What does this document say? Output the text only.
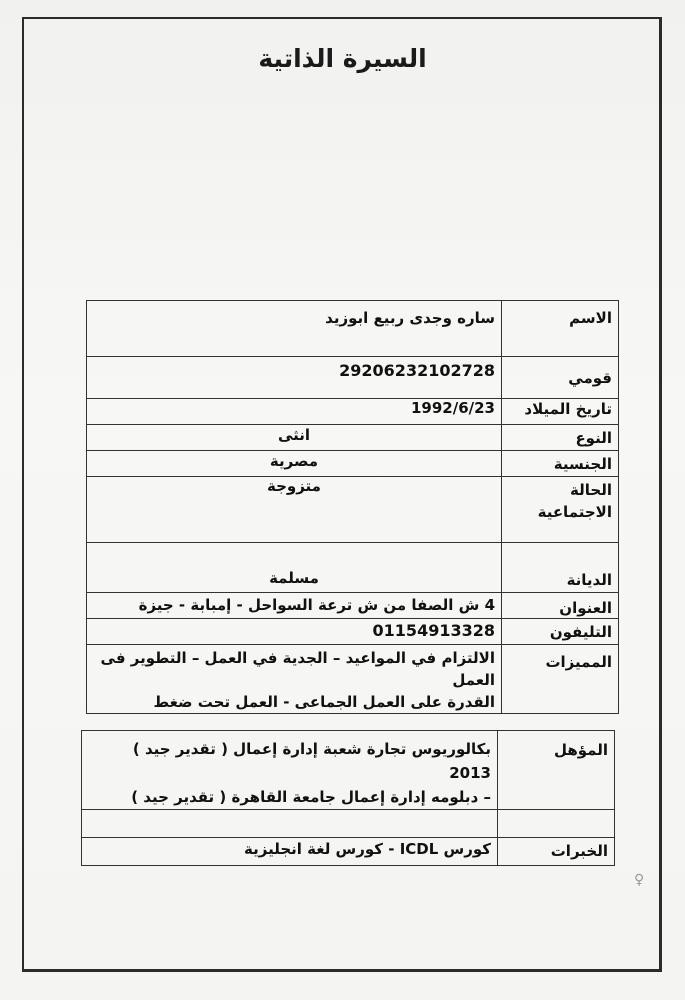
السيرة الذاتية
الاسم	ساره وجدى ربيع ابوزيد
قومي	29206232102728
تاريخ الميلاد	1992/6/23
النوع	انثى
الجنسية	مصرية
الحالة الاجتماعية	متزوجة
الديانة	مسلمة
العنوان	4 ش الصفا من ش ترعة السواحل - إمبابة - جيزة
التليفون	01154913328
المميزات	الالتزام في المواعيد – الجدية في العمل – التطوير فى العمل
القدرة على العمل الجماعى - العمل تحت ضغط
المؤهل	بكالوريوس تجارة شعبة إدارة إعمال ( تقدير جيد ) 2013
– دبلومه إدارة إعمال جامعة القاهرة ( تقدير جيد )

الخبرات	كورس ICDL - كورس لغة انجليزية
♀
